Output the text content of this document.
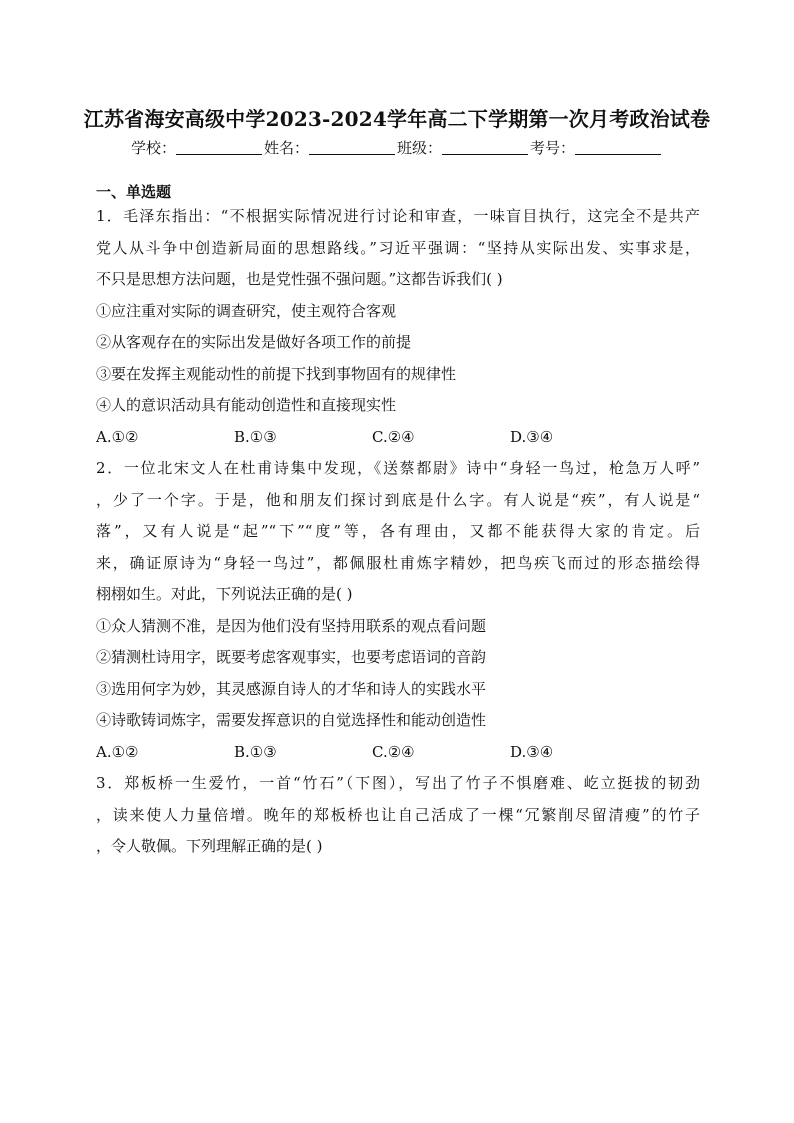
江苏省海安高级中学2023-2024学年高二下学期第一次月考政治试卷
学校：	姓名：	班级：	考号：
一、单选题
1．毛泽东指出：“不根据实际情况进行讨论和审查，一味盲目执行，这完全不是共产
党人从斗争中创造新局面的思想路线。”习近平强调：“坚持从实际出发、实事求是，
不只是思想方法问题，也是党性强不强问题。”这都告诉我们( )
①应注重对实际的调查研究，使主观符合客观
②从客观存在的实际出发是做好各项工作的前提
③要在发挥主观能动性的前提下找到事物固有的规律性
④人的意识活动具有能动创造性和直接现实性
A.①②	B.①③	C.②④	D.③④
2．一位北宋文人在杜甫诗集中发现，《送蔡都尉》诗中“身轻一鸟过，枪急万人呼”
，少了一个字。于是，他和朋友们探讨到底是什么字。有人说是“疾”，有人说是“
落”，又有人说是“起”“下”“度”等，各有理由，又都不能获得大家的肯定。后
来，确证原诗为“身轻一鸟过”，都佩服杜甫炼字精妙，把鸟疾飞而过的形态描绘得
栩栩如生。对此，下列说法正确的是( )
①众人猜测不准，是因为他们没有坚持用联系的观点看问题
②猜测杜诗用字，既要考虑客观事实，也要考虑语词的音韵
③选用何字为妙，其灵感源自诗人的才华和诗人的实践水平
④诗歌铸词炼字，需要发挥意识的自觉选择性和能动创造性
A.①②	B.①③	C.②④	D.③④
3．郑板桥一生爱竹，一首“竹石”（下图），写出了竹子不惧磨难、屹立挺拔的韧劲
，读来使人力量倍增。晚年的郑板桥也让自己活成了一棵“冗繁削尽留清瘦”的竹子
，令人敬佩。下列理解正确的是( )
